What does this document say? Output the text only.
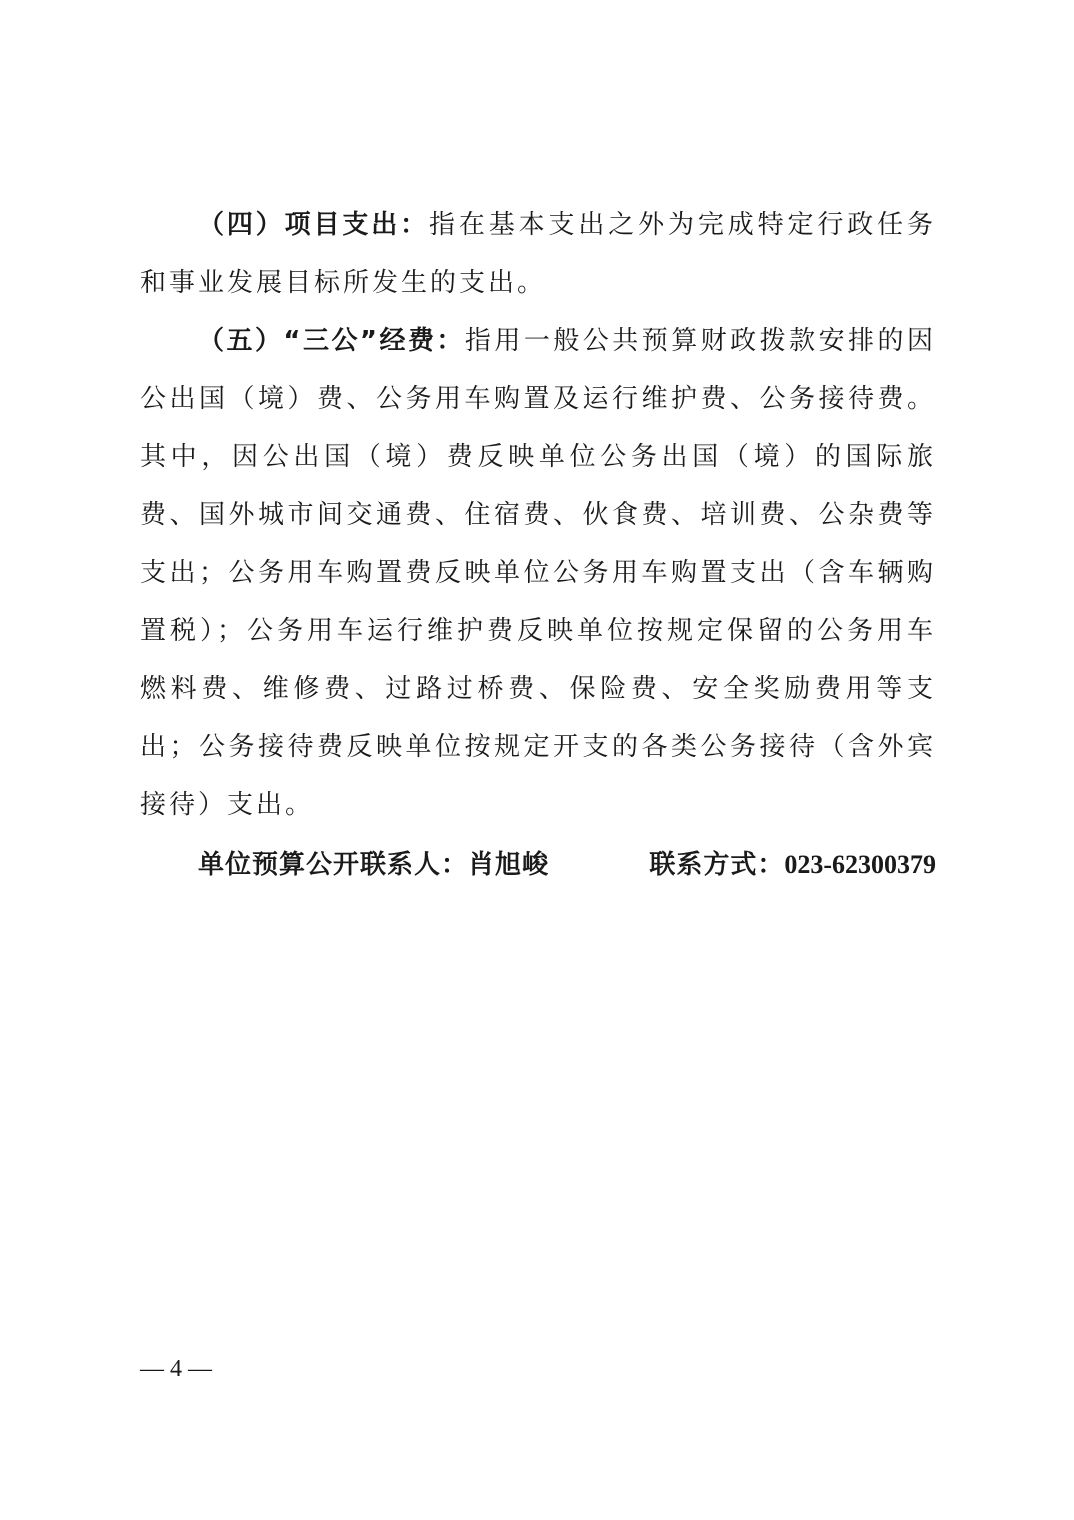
（四）项目支出：指在基本支出之外为完成特定行政任务和事业发展目标所发生的支出。

（五）“三公”经费：指用一般公共预算财政拨款安排的因公出国（境）费、公务用车购置及运行维护费、公务接待费。其中，因公出国（境）费反映单位公务出国（境）的国际旅费、国外城市间交通费、住宿费、伙食费、培训费、公杂费等支出；公务用车购置费反映单位公务用车购置支出（含车辆购置税）；公务用车运行维护费反映单位按规定保留的公务用车燃料费、维修费、过路过桥费、保险费、安全奖励费用等支出；公务接待费反映单位按规定开支的各类公务接待（含外宾接待）支出。

单位预算公开联系人：肖旭峻	联系方式：023-62300379
— 4 —
